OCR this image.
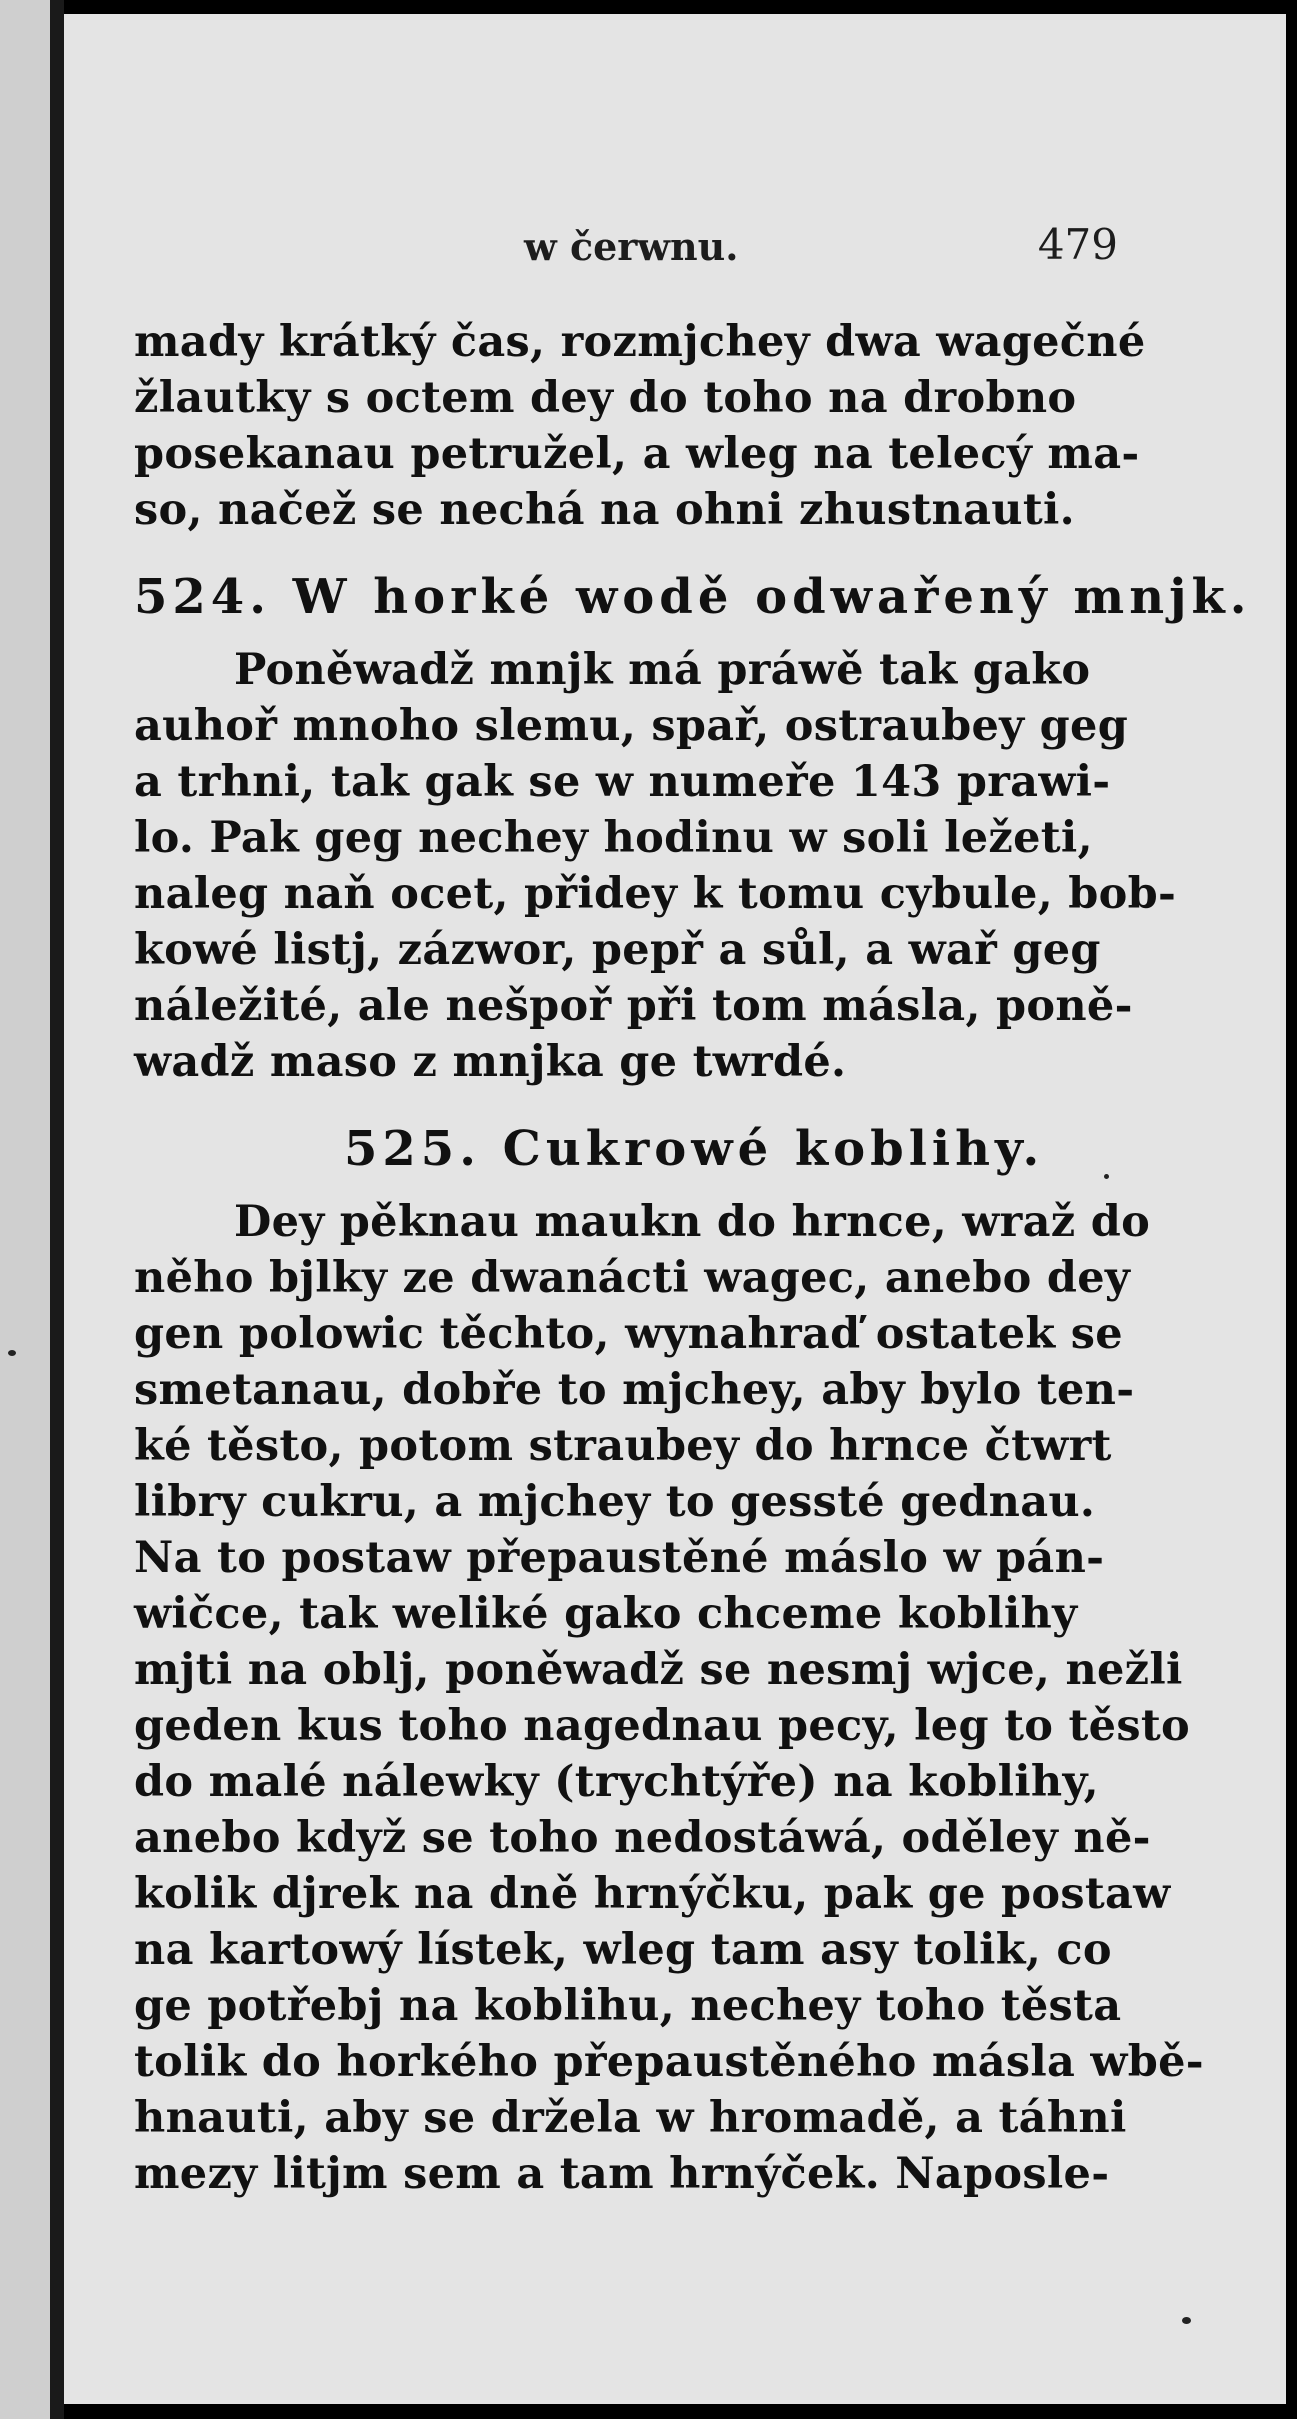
w čerwnu.	479
mady krátký čas, rozmjchey dwa wagečné
žlautky s octem dey do toho na drobno
posekanau petružel, a wleg na telecý ma-
so, načež se nechá na ohni zhustnauti.
524. W horké wodě odwařený mnjk.
Poněwadž mnjk má práwě tak gako
auhoř mnoho slemu, spař, ostraubey geg
a trhni, tak gak se w numeře 143 prawi-
lo. Pak geg nechey hodinu w soli ležeti,
naleg naň ocet, přidey k tomu cybule, bob-
kowé listj, zázwor, pepř a sůl, a wař geg
náležité, ale nešpoř při tom másla, poně-
wadž maso z mnjka ge twrdé.
525. Cukrowé koblihy.
Dey pěknau maukn do hrnce, wraž do
něho bjlky ze dwanácti wagec, anebo dey
gen polowic těchto, wynahraď ostatek se
smetanau, dobře to mjchey, aby bylo ten-
ké těsto, potom straubey do hrnce čtwrt
libry cukru, a mjchey to gessté gednau.
Na to postaw přepaustěné máslo w pán-
wičce, tak weliké gako chceme koblihy
mjti na oblj, poněwadž se nesmj wjce, nežli
geden kus toho nagednau pecy, leg to těsto
do malé nálewky (trychtýře) na koblihy,
anebo když se toho nedostáwá, oděley ně-
kolik djrek na dně hrnýčku, pak ge postaw
na kartowý lístek, wleg tam asy tolik, co
ge potřebj na koblihu, nechey toho těsta
tolik do horkého přepaustěného másla wbě-
hnauti, aby se držela w hromadě, a táhni
mezy litjm sem a tam hrnýček. Naposle-
